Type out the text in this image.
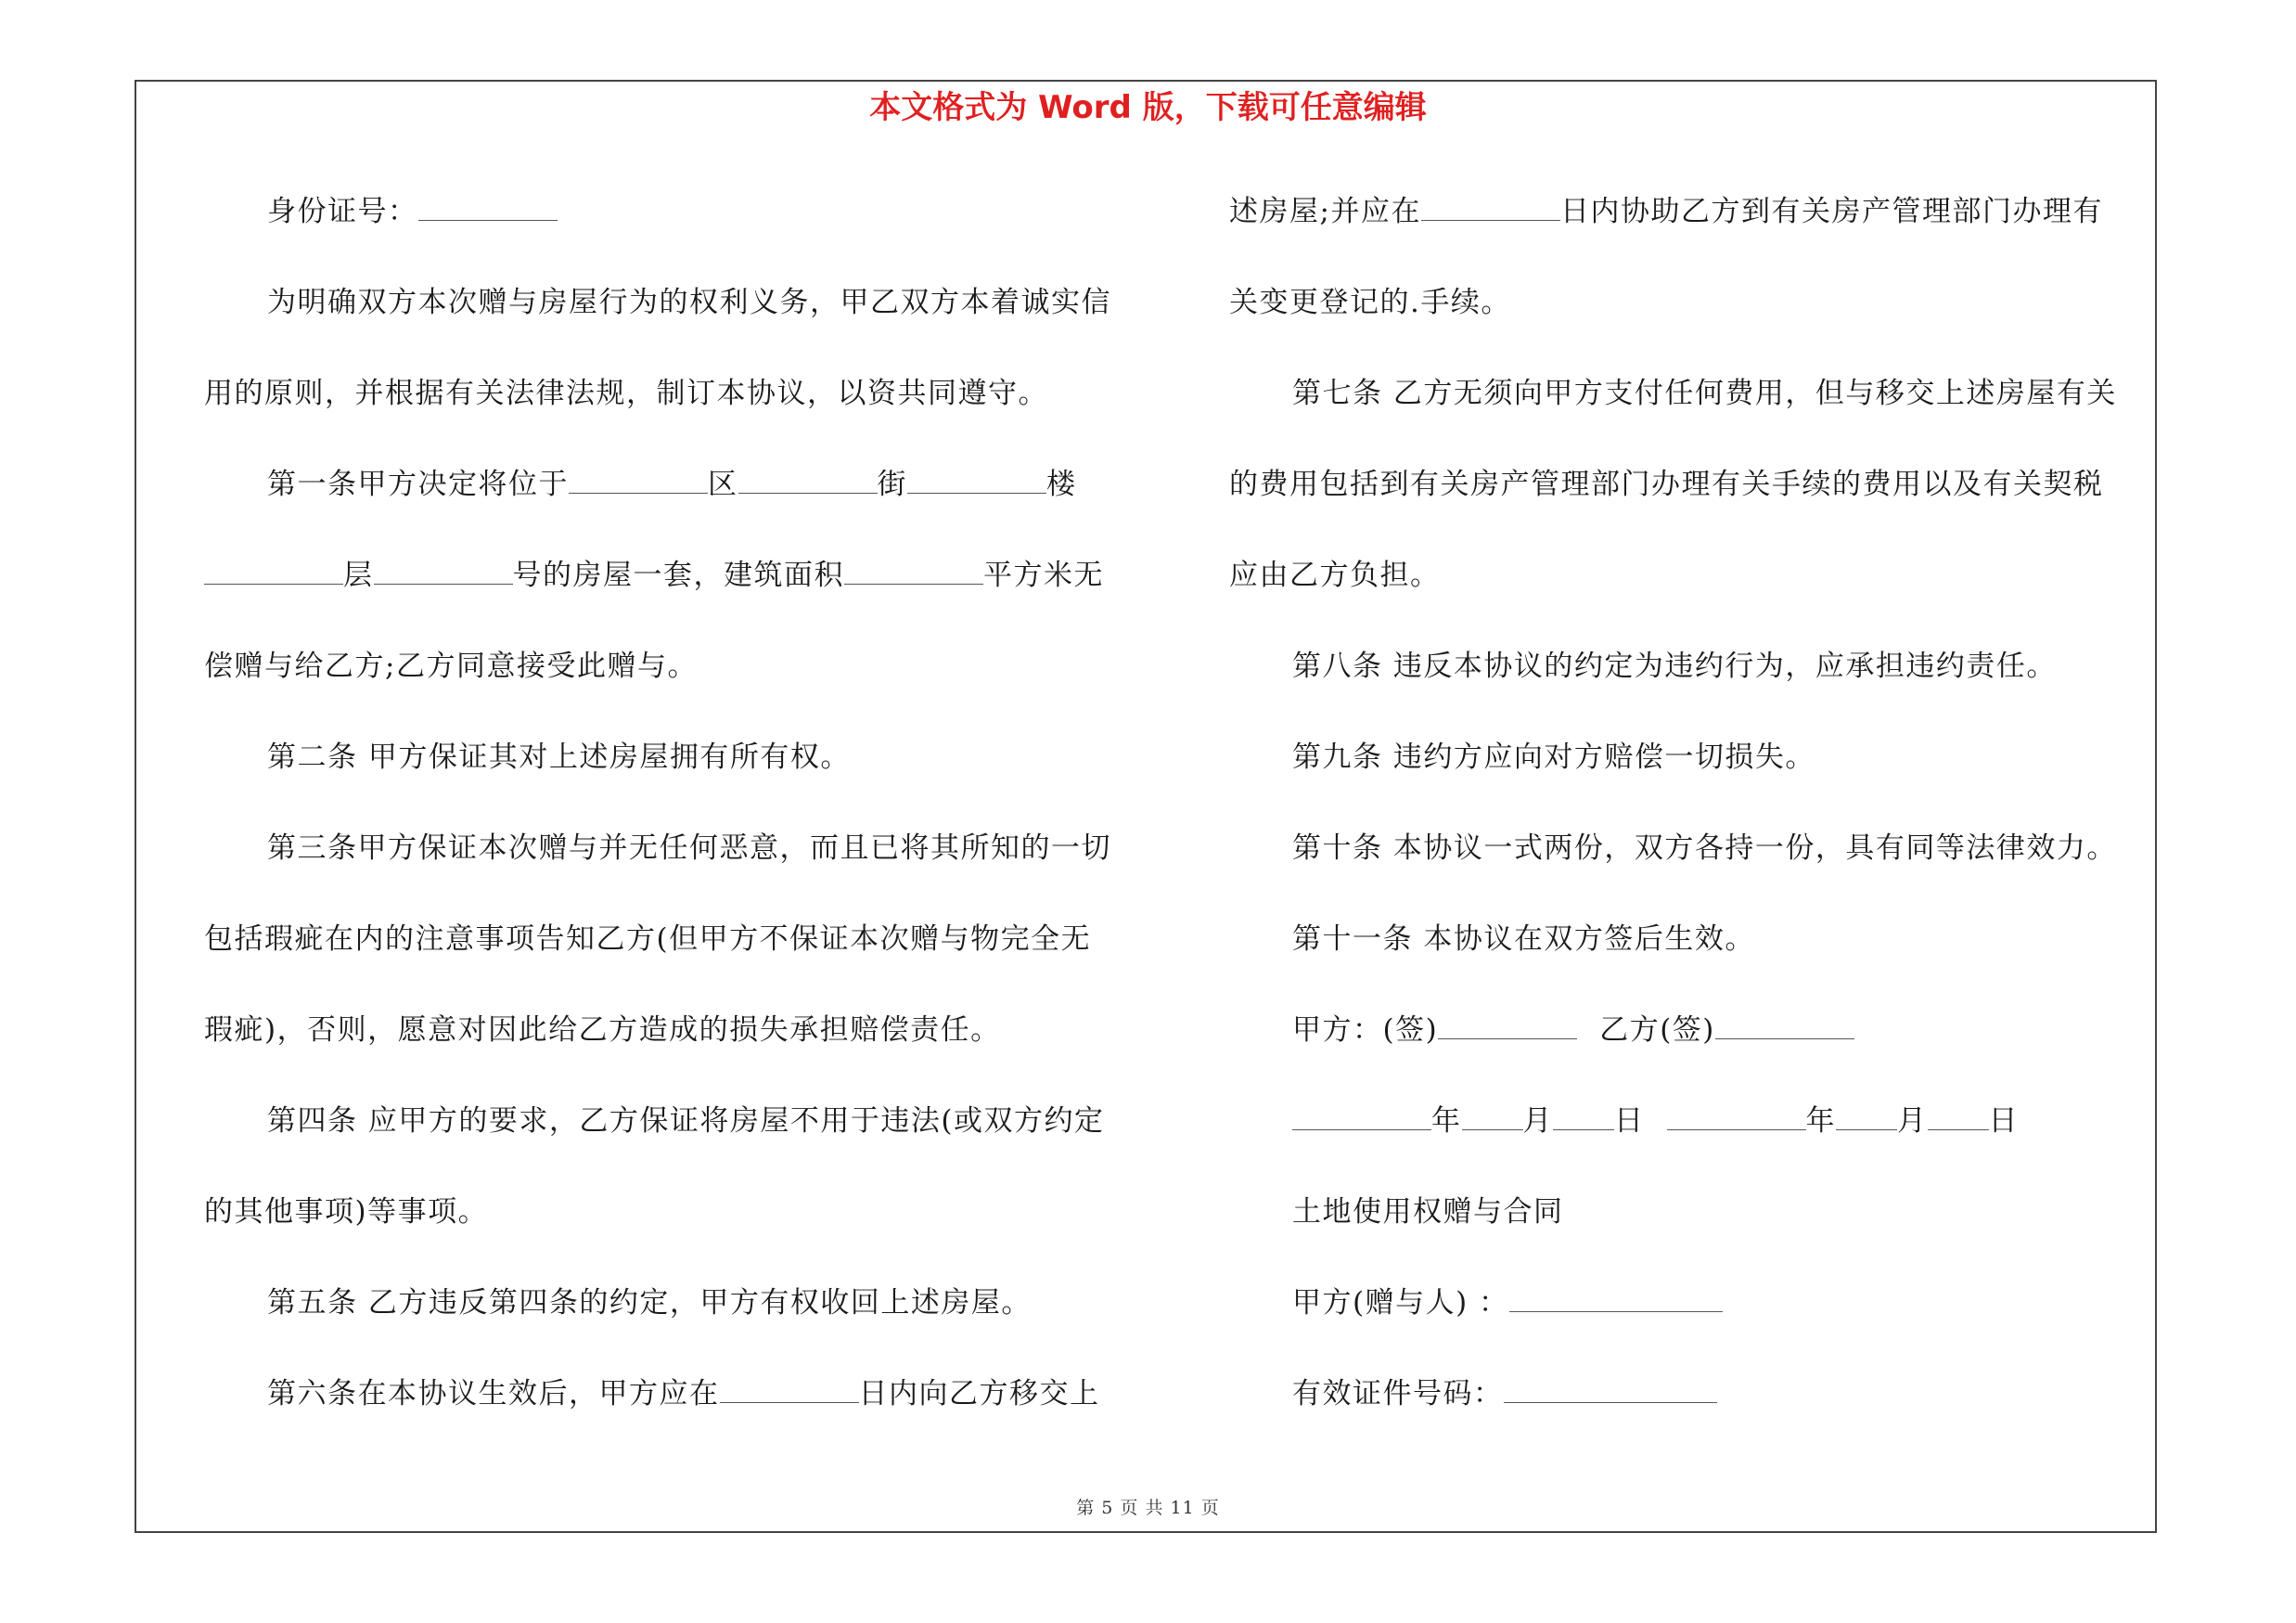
本文格式为 Word 版，下载可任意编辑
身份证号：
为明确双方本次赠与房屋行为的权利义务，甲乙双方本着诚实信
用的原则，并根据有关法律法规，制订本协议，以资共同遵守。
第一条甲方决定将位于	区	街	楼
层	号的房屋一套，建筑面积	平方米无
偿赠与给乙方;乙方同意接受此赠与。
第二条 甲方保证其对上述房屋拥有所有权。
第三条甲方保证本次赠与并无任何恶意，而且已将其所知的一切
包括瑕疵在内的注意事项告知乙方(但甲方不保证本次赠与物完全无
瑕疵)，否则，愿意对因此给乙方造成的损失承担赔偿责任。
第四条 应甲方的要求，乙方保证将房屋不用于违法(或双方约定
的其他事项)等事项。
第五条 乙方违反第四条的约定，甲方有权收回上述房屋。
第六条在本协议生效后，甲方应在	日内向乙方移交上
述房屋;并应在	日内协助乙方到有关房产管理部门办理有
关变更登记的.手续。
第七条 乙方无须向甲方支付任何费用，但与移交上述房屋有关
的费用包括到有关房产管理部门办理有关手续的费用以及有关契税
应由乙方负担。
第八条 违反本协议的约定为违约行为，应承担违约责任。
第九条 违约方应向对方赔偿一切损失。
第十条 本协议一式两份，双方各持一份，具有同等法律效力。
第十一条 本协议在双方签后生效。
甲方：(签)	乙方(签)
年 月 日	年 月 日
土地使用权赠与合同
甲方(赠与人) ：
有效证件号码：
第 5 页 共 11 页
